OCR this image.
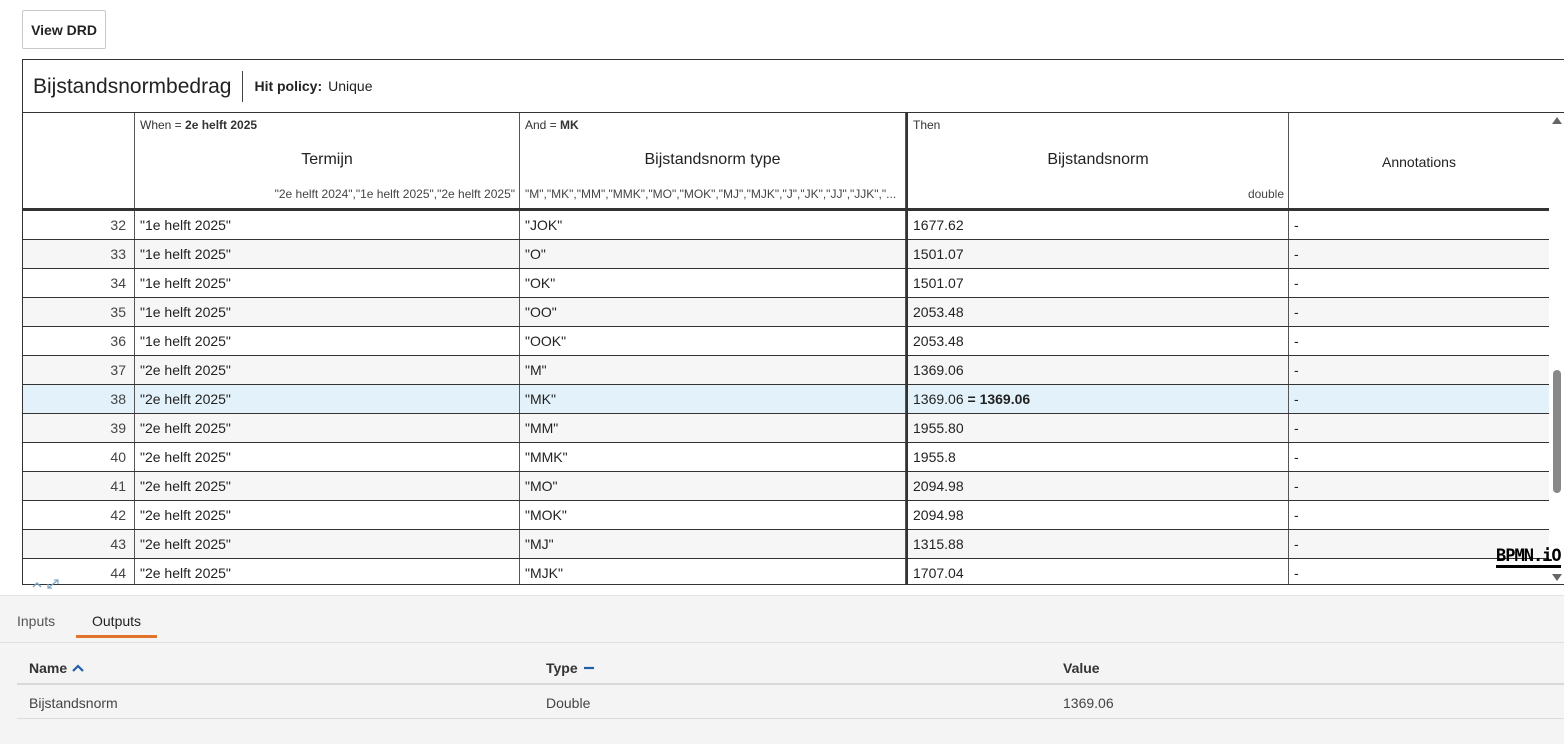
View DRD
Bijstandsnormbedrag	Hit policy: Unique
When = 2e helft 2025
Termijn
"2e helft 2024","1e helft 2025","2e helft 2025"
And = MK
Bijstandsnorm type
"M","MK","MM","MMK","MO","MOK","MJ","MJK","J","JK","JJ","JJK","...
Then
Bijstandsnorm
double
Annotations
32	"1e helft 2025"	"JOK"	1677.62	-
33	"1e helft 2025"	"O"	1501.07	-
34	"1e helft 2025"	"OK"	1501.07	-
35	"1e helft 2025"	"OO"	2053.48	-
36	"1e helft 2025"	"OOK"	2053.48	-
37	"2e helft 2025"	"M"	1369.06	-
38	"2e helft 2025"	"MK"	1369.06 = 1369.06	-
39	"2e helft 2025"	"MM"	1955.80	-
40	"2e helft 2025"	"MMK"	1955.8	-
41	"2e helft 2025"	"MO"	2094.98	-
42	"2e helft 2025"	"MOK"	2094.98	-
43	"2e helft 2025"	"MJ"	1315.88	-
44	"2e helft 2025"	"MJK"	1707.04	-
BPMN.iO
Inputs	Outputs
Name	Type	Value
Bijstandsnorm	Double	1369.06
